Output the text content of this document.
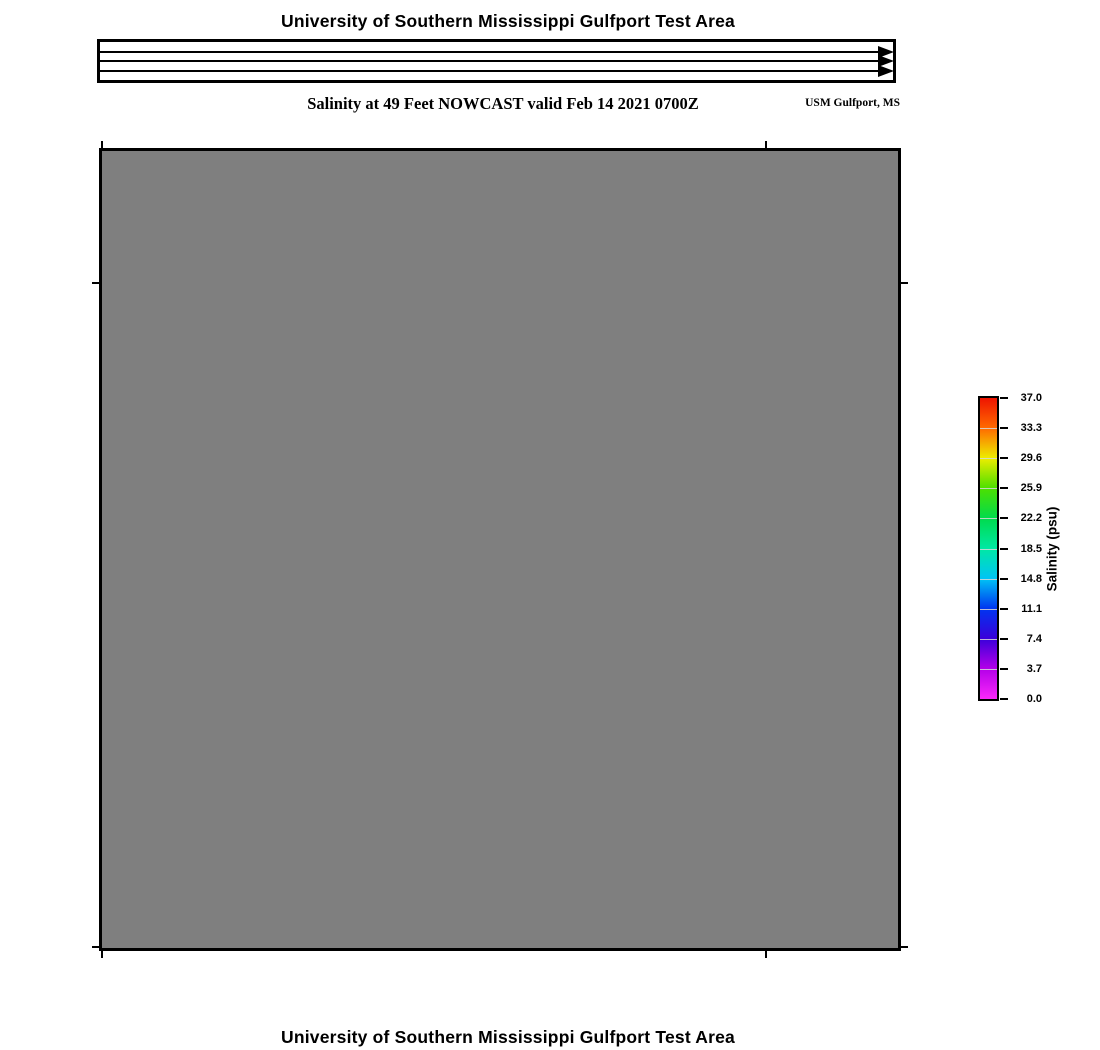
University of Southern Mississippi Gulfport Test Area
Salinity at 49 Feet NOWCAST valid Feb 14 2021 0700Z	USM Gulfport, MS
37.0
33.3
29.6
25.9
22.2
18.5
14.8
11.1
7.4
3.7
0.0
Salinity (psu)
University of Southern Mississippi Gulfport Test Area
